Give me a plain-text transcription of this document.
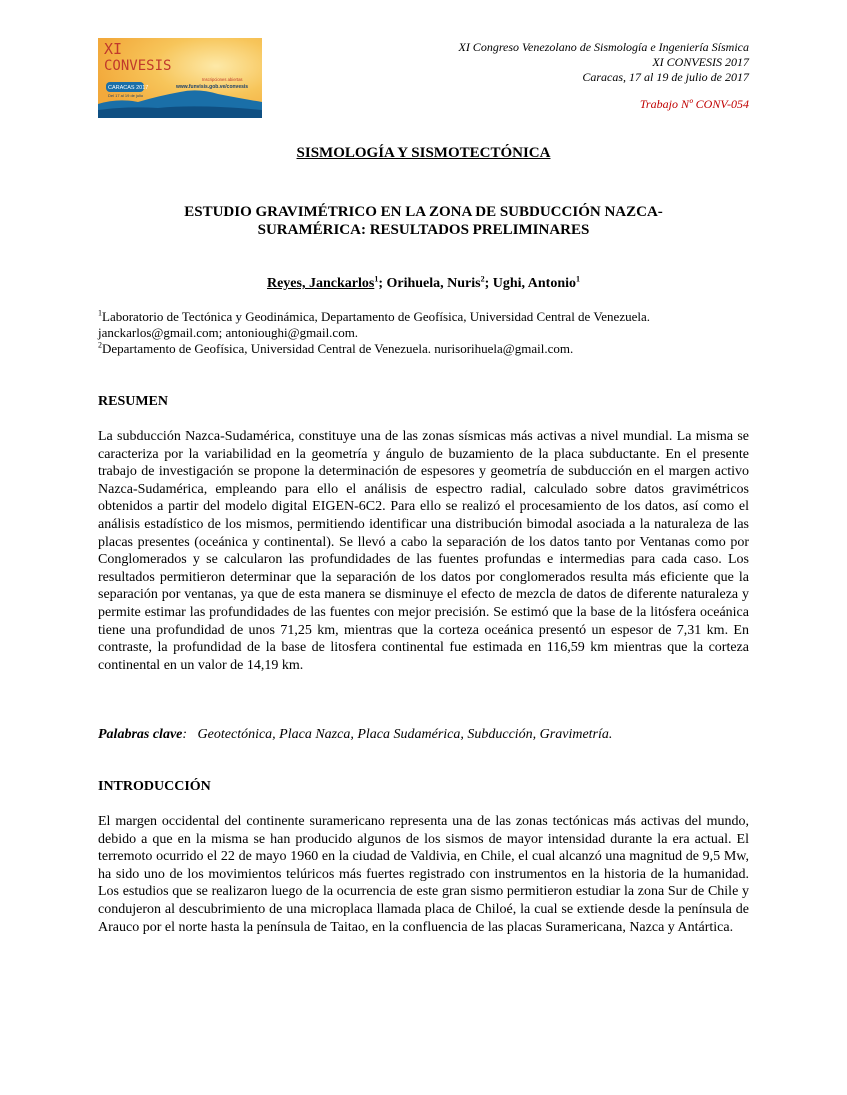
XI
CONVESIS
CARACAS 2017
Del 17 al 19 de julio
Inscripciones abiertas
www.funvisis.gob.ve/convesis
XI Congreso Venezolano de Sismología e Ingeniería Sísmica
XI CONVESIS 2017
Caracas, 17 al 19 de julio de 2017
Trabajo Nº CONV-054
SISMOLOGÍA Y SISMOTECTÓNICA
ESTUDIO GRAVIMÉTRICO EN LA ZONA DE SUBDUCCIÓN NAZCA-
SURAMÉRICA: RESULTADOS PRELIMINARES
Reyes, Janckarlos$^1$; Orihuela, Nuris$^2$; Ughi, Antonio$^1$
$^1$Laboratorio de Tectónica y Geodinámica, Departamento de Geofísica, Universidad Central de Venezuela.
janckarlos@gmail.com; antonioughi@gmail.com.
$^2$Departamento de Geofísica, Universidad Central de Venezuela. nurisorihuela@gmail.com.
RESUMEN
La subducción Nazca-Sudamérica, constituye una de las zonas sísmicas más activas a nivel mundial. La misma se caracteriza por la variabilidad en la geometría y ángulo de buzamiento de la placa subductante. En el presente trabajo de investigación se propone la determinación de espesores y geometría de subducción en el margen activo Nazca-Sudamérica, empleando para ello el análisis de espectro radial, calculado sobre datos gravimétricos obtenidos a partir del modelo digital EIGEN-6C2. Para ello se realizó el procesamiento de los datos, así como el análisis estadístico de los mismos, permitiendo identificar una distribución bimodal asociada a la naturaleza de las placas presentes (oceánica y continental). Se llevó a cabo la separación de los datos tanto por Ventanas como por Conglomerados y se calcularon las profundidades de las fuentes profundas e intermedias para cada caso. Los resultados permitieron determinar que la separación de los datos por conglomerados resulta más eficiente que la separación por ventanas, ya que de esta manera se disminuye el efecto de mezcla de datos de diferente naturaleza y permite estimar las profundidades de las fuentes con mejor precisión. Se estimó que la base de la litósfera oceánica tiene una profundidad de unos 71,25 km, mientras que la corteza oceánica presentó un espesor de 7,31 km. En contraste, la profundidad de la base de litosfera continental fue estimada en 116,59 km mientras que la corteza continental en un valor de 14,19 km.
Palabras clave: Geotectónica, Placa Nazca, Placa Sudamérica, Subducción, Gravimetría.
INTRODUCCIÓN
El margen occidental del continente suramericano representa una de las zonas tectónicas más activas del mundo, debido a que en la misma se han producido algunos de los sismos de mayor intensidad durante la era actual. El terremoto ocurrido el 22 de mayo 1960 en la ciudad de Valdivia, en Chile, el cual alcanzó una magnitud de 9,5 Mw, ha sido uno de los movimientos telúricos más fuertes registrado con instrumentos en la historia de la humanidad. Los estudios que se realizaron luego de la ocurrencia de este gran sismo permitieron estudiar la zona Sur de Chile y condujeron al descubrimiento de una microplaca llamada placa de Chiloé, la cual se extiende desde la península de Arauco por el norte hasta la península de Taitao, en la confluencia de las placas Suramericana, Nazca y Antártica.
